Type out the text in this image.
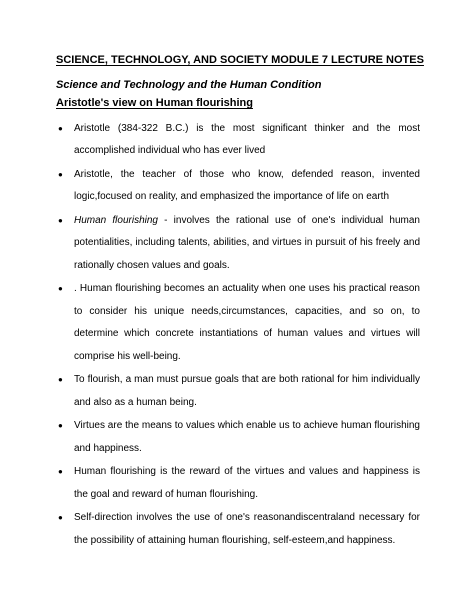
SCIENCE, TECHNOLOGY, AND SOCIETY MODULE 7 LECTURE NOTES

Science and Technology and the Human Condition

Aristotle's view on Human flourishing

● Aristotle (384-322 B.C.) is the most significant thinker and the most accomplished individual who has ever lived
● Aristotle, the teacher of those who know, defended reason, invented logic,focused on reality, and emphasized the importance of life on earth
● Human flourishing - involves the rational use of one's individual human potentialities, including talents, abilities, and virtues in pursuit of his freely and rationally chosen values and goals.
● . Human flourishing becomes an actuality when one uses his practical reason to consider his unique needs,circumstances, capacities, and so on, to determine which concrete instantiations of human values and virtues will comprise his well-being.
● To flourish, a man must pursue goals that are both rational for him individually and also as a human being.
● Virtues are the means to values which enable us to achieve human flourishing and happiness.
● Human flourishing is the reward of the virtues and values and happiness is the goal and reward of human flourishing.
● Self-direction involves the use of one's reasonandiscentraland necessary for the possibility of attaining human flourishing, self-esteem,and happiness.
